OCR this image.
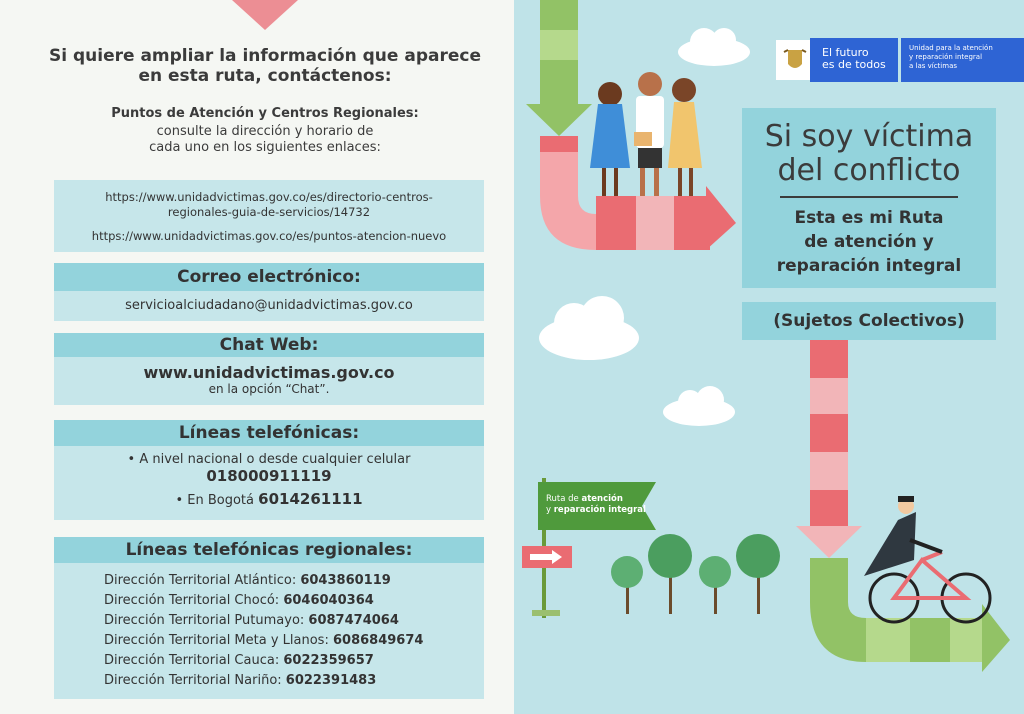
Si quiere ampliar la información que aparece en esta ruta, contáctenos:
Puntos de Atención y Centros Regionales:
consulte la dirección y horario de
cada uno en los siguientes enlaces:
https://www.unidadvictimas.gov.co/es/directorio-centros-
regionales-guia-de-servicios/14732
https://www.unidadvictimas.gov.co/es/puntos-atencion-nuevo
Correo electrónico:
servicioalciudadano@unidadvictimas.gov.co
Chat Web:
www.unidadvictimas.gov.co
en la opción “Chat”.
Líneas telefónicas:
• A nivel nacional o desde cualquier celular
018000911119
• En Bogotá 6014261111
Líneas telefónicas regionales:
Dirección Territorial Atlántico: 6043860119
Dirección Territorial Chocó: 6046040364
Dirección Territorial Putumayo: 6087474064
Dirección Territorial Meta y Llanos: 6086849674
Dirección Territorial Cauca: 6022359657
Dirección Territorial Nariño: 6022391483
El futuro
es de todos
Unidad para la atención
y reparación integral
a las víctimas
Si soy víctima
del conflicto
Esta es mi Ruta
de atención y
reparación integral
(Sujetos Colectivos)
Ruta de atención
y reparación integral
